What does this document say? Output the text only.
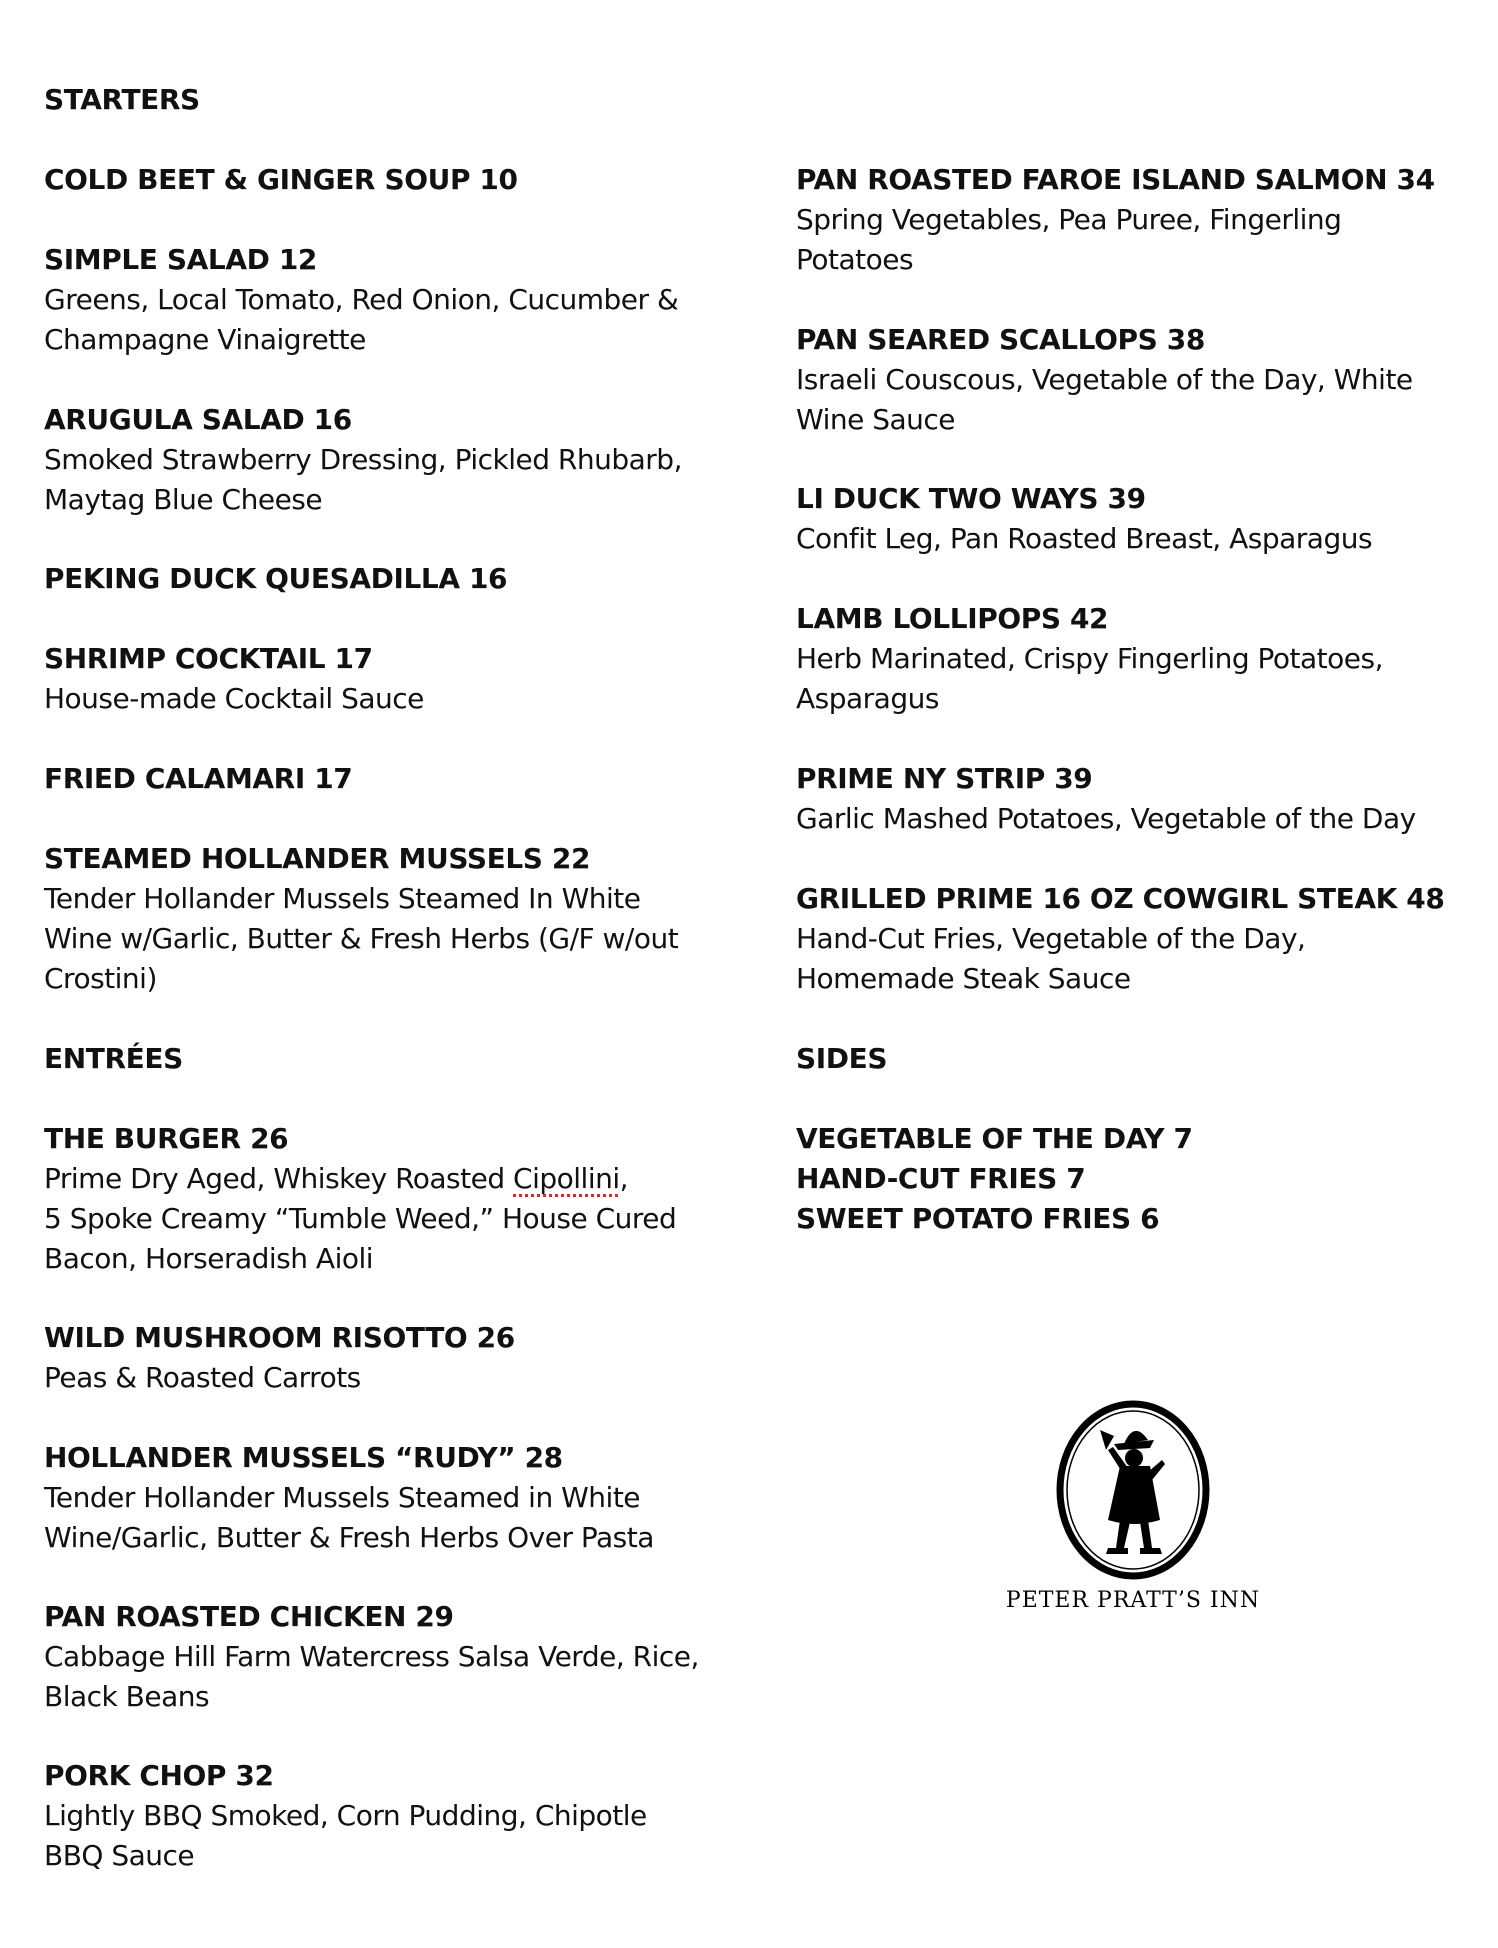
STARTERS

COLD BEET & GINGER SOUP 10

SIMPLE SALAD 12

Greens, Local Tomato, Red Onion, Cucumber &

Champagne Vinaigrette

ARUGULA SALAD 16

Smoked Strawberry Dressing, Pickled Rhubarb,

Maytag Blue Cheese

PEKING DUCK QUESADILLA 16

SHRIMP COCKTAIL 17

House-made Cocktail Sauce

FRIED CALAMARI 17

STEAMED HOLLANDER MUSSELS 22

Tender Hollander Mussels Steamed In White

Wine w/Garlic, Butter & Fresh Herbs (G/F w/out

Crostini)

ENTRÉES

THE BURGER 26

Prime Dry Aged, Whiskey Roasted Cipollini,

5 Spoke Creamy “Tumble Weed,” House Cured

Bacon, Horseradish Aioli

WILD MUSHROOM RISOTTO 26

Peas & Roasted Carrots

HOLLANDER MUSSELS “RUDY” 28

Tender Hollander Mussels Steamed in White

Wine/Garlic, Butter & Fresh Herbs Over Pasta

PAN ROASTED CHICKEN 29

Cabbage Hill Farm Watercress Salsa Verde, Rice,

Black Beans

PORK CHOP 32

Lightly BBQ Smoked, Corn Pudding, Chipotle

BBQ Sauce

PAN ROASTED FAROE ISLAND SALMON 34

Spring Vegetables, Pea Puree, Fingerling

Potatoes

PAN SEARED SCALLOPS 38

Israeli Couscous, Vegetable of the Day, White

Wine Sauce

LI DUCK TWO WAYS 39

Confit Leg, Pan Roasted Breast, Asparagus

LAMB LOLLIPOPS 42

Herb Marinated, Crispy Fingerling Potatoes,

Asparagus

PRIME NY STRIP 39

Garlic Mashed Potatoes, Vegetable of the Day

GRILLED PRIME 16 OZ COWGIRL STEAK 48

Hand-Cut Fries, Vegetable of the Day,

Homemade Steak Sauce

SIDES

VEGETABLE OF THE DAY 7

HAND-CUT FRIES 7

SWEET POTATO FRIES 6

PETER PRATT’S INN
